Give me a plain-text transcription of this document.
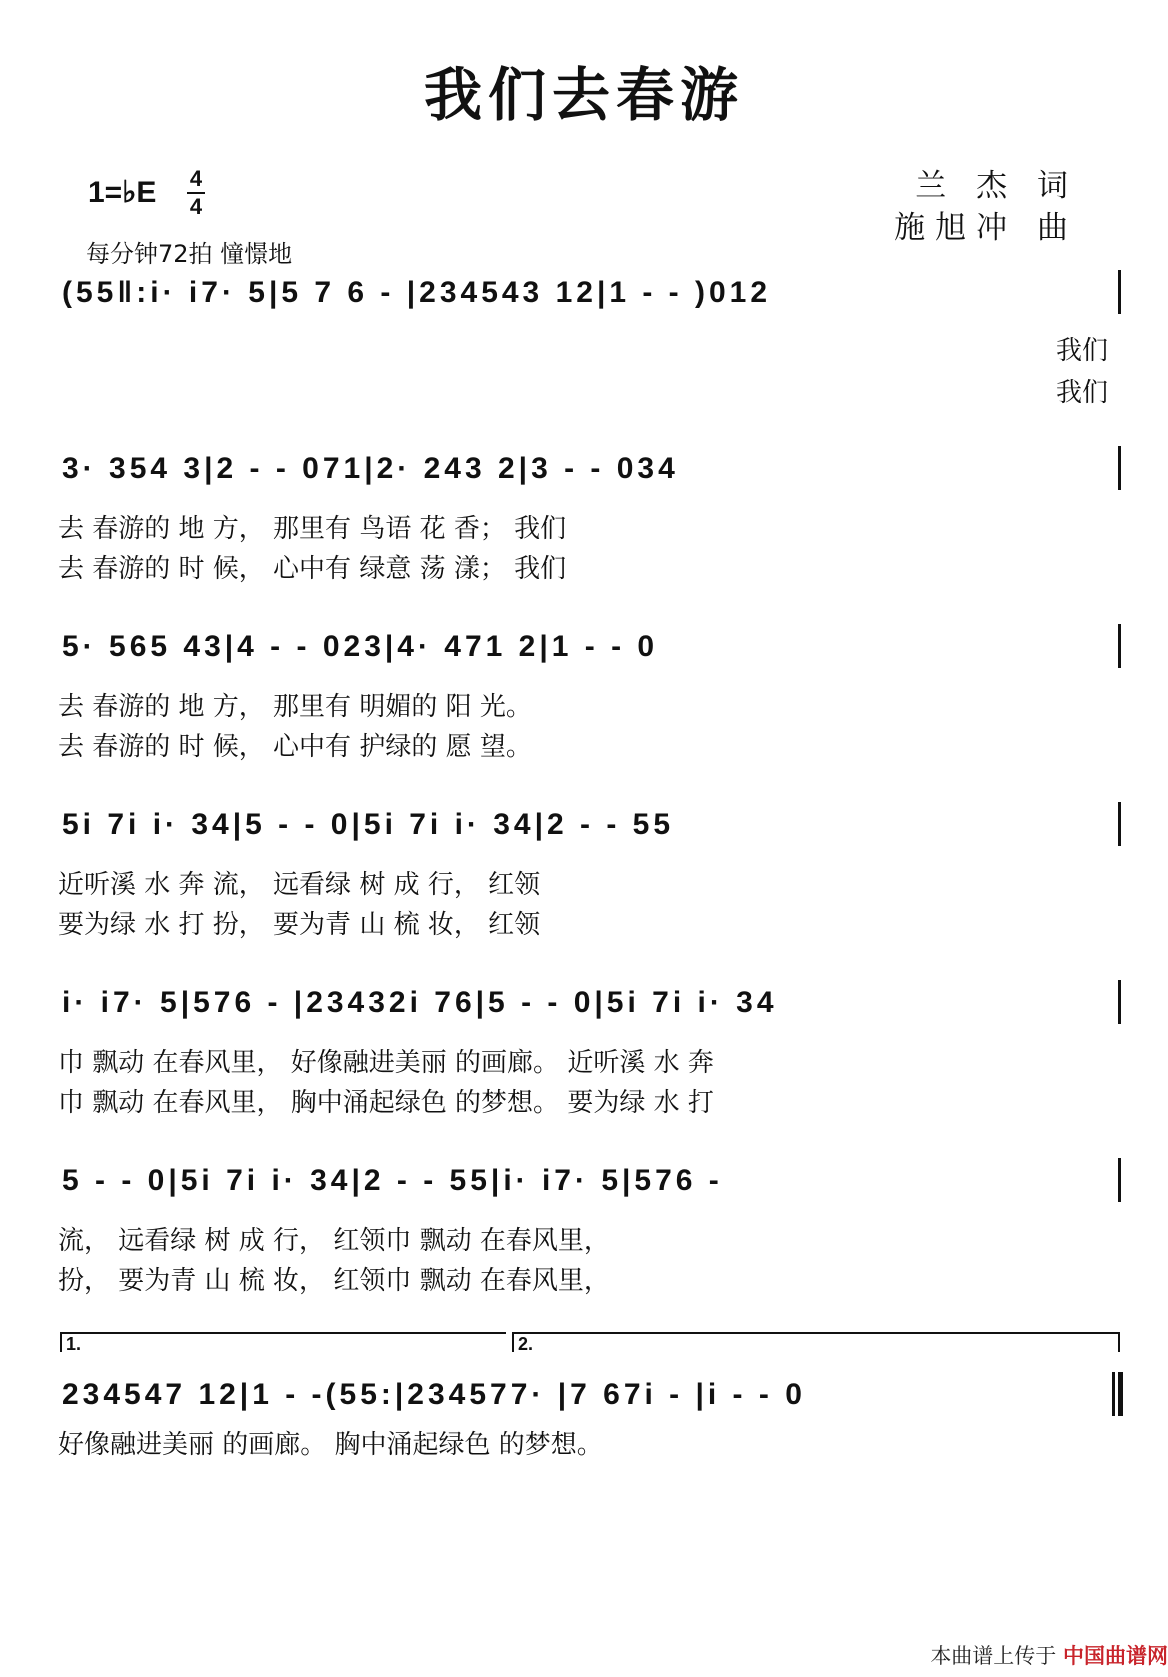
我们去春游
1=♭E 4
4
每分钟72拍 憧憬地
兰 杰 词
施旭冲 曲
(55‖:i· i7· 5|5 7 6 - |234543 12|1 - - )012
我们
我们
3· 354 3|2 - - 071|2· 243 2|3 - - 034
去 春游的 地 方， 那里有 鸟语 花 香； 我们
去 春游的 时 候， 心中有 绿意 荡 漾； 我们
5· 565 43|4 - - 023|4· 471 2|1 - - 0
去 春游的 地 方， 那里有 明媚的 阳 光。
去 春游的 时 候， 心中有 护绿的 愿 望。
5i 7i i· 34|5 - - 0|5i 7i i· 34|2 - - 55
近听溪 水 奔 流， 远看绿 树 成 行， 红领
要为绿 水 打 扮， 要为青 山 梳 妆， 红领
i· i7· 5|576 - |23432i 76|5 - - 0|5i 7i i· 34
巾 飘动 在春风里， 好像融进美丽 的画廊。 近听溪 水 奔
巾 飘动 在春风里， 胸中涌起绿色 的梦想。 要为绿 水 打
5 - - 0|5i 7i i· 34|2 - - 55|i· i7· 5|576 -
流， 远看绿 树 成 行， 红领巾 飘动 在春风里，
扮， 要为青 山 梳 妆， 红领巾 飘动 在春风里，
1.	2.
234547 12|1 - -(55:|234577· |7 67i - |i - - 0
好像融进美丽 的画廊。 胸中涌起绿色 的梦想。
本曲谱上传于 中国曲谱网
